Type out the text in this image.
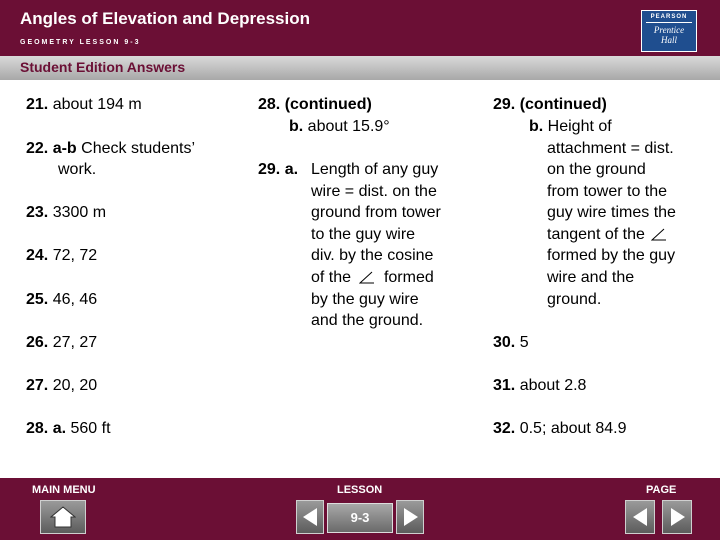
Angles of Elevation and Depression
GEOMETRY LESSON 9-3
PEARSON
Prentice
Hall
Student Edition Answers
21. about 194 m
22. a-b Check students’
work.
23. 3300 m
24. 72, 72
25. 46, 46
26. 27, 27
27. 20, 20
28. a. 560 ft
28. (continued)
b. about 15.9°
29. a. Length of any guy
wire = dist. on the
ground from tower
to the guy wire
div. by the cosine
of the formed
by the guy wire
and the ground.
29. (continued)
b. Height of
attachment = dist.
on the ground
from tower to the
guy wire times the
tangent of the
formed by the guy
wire and the
ground.
30. 5
31. about 2.8
32. 0.5; about 84.9
MAIN MENU	LESSON	PAGE
9-3
